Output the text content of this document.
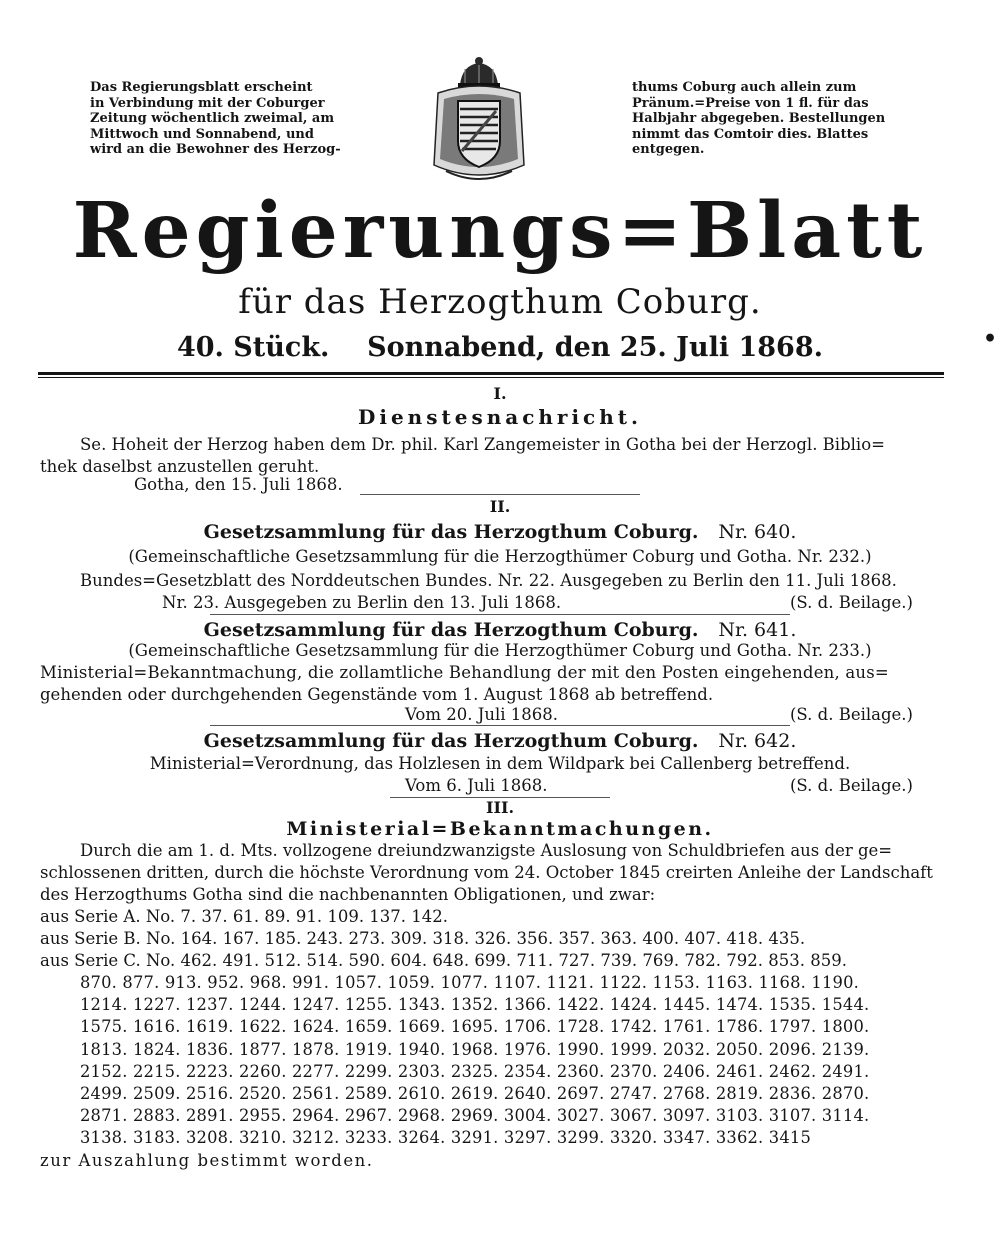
Das Regierungsblatt erscheint
in Verbindung mit der Coburger
Zeitung wöchentlich zweimal, am
Mittwoch und Sonnabend, und
wird an die Bewohner des Herzog-
thums Coburg auch allein zum
Pränum.=Preise von 1 fl. für das
Halbjahr abgegeben. Bestellungen
nimmt das Comtoir dies. Blattes
entgegen.
Regierungs=Blatt
für das Herzogthum Coburg.
40. Stück. Sonnabend, den 25. Juli 1868.	•
I.
Dienstesnachricht.
Se. Hoheit der Herzog haben dem Dr. phil. Karl Zangemeister in Gotha bei der Herzogl. Biblio=
thek daselbst anzustellen geruht.
Gotha, den 15. Juli 1868.
II.
Gesetzsammlung für das Herzogthum Coburg. Nr. 640.
(Gemeinschaftliche Gesetzsammlung für die Herzogthümer Coburg und Gotha. Nr. 232.)
Bundes=Gesetzblatt des Norddeutschen Bundes. Nr. 22. Ausgegeben zu Berlin den 11. Juli 1868.
Nr. 23. Ausgegeben zu Berlin den 13. Juli 1868.	(S. d. Beilage.)
Gesetzsammlung für das Herzogthum Coburg. Nr. 641.
(Gemeinschaftliche Gesetzsammlung für die Herzogthümer Coburg und Gotha. Nr. 233.)
Ministerial=Bekanntmachung, die zollamtliche Behandlung der mit den Posten eingehenden, aus=
gehenden oder durchgehenden Gegenstände vom 1. August 1868 ab betreffend.
Vom 20. Juli 1868.	(S. d. Beilage.)
Gesetzsammlung für das Herzogthum Coburg. Nr. 642.
Ministerial=Verordnung, das Holzlesen in dem Wildpark bei Callenberg betreffend.
Vom 6. Juli 1868.	(S. d. Beilage.)
III.
Ministerial=Bekanntmachungen.
Durch die am 1. d. Mts. vollzogene dreiundzwanzigste Auslosung von Schuldbriefen aus der ge=
schlossenen dritten, durch die höchste Verordnung vom 24. October 1845 creirten Anleihe der Landschaft
des Herzogthums Gotha sind die nachbenannten Obligationen, und zwar:
aus Serie A. No. 7. 37. 61. 89. 91. 109. 137. 142.
aus Serie B. No. 164. 167. 185. 243. 273. 309. 318. 326. 356. 357. 363. 400. 407. 418. 435.
aus Serie C. No. 462. 491. 512. 514. 590. 604. 648. 699. 711. 727. 739. 769. 782. 792. 853. 859.
870. 877. 913. 952. 968. 991. 1057. 1059. 1077. 1107. 1121. 1122. 1153. 1163. 1168. 1190.
1214. 1227. 1237. 1244. 1247. 1255. 1343. 1352. 1366. 1422. 1424. 1445. 1474. 1535. 1544.
1575. 1616. 1619. 1622. 1624. 1659. 1669. 1695. 1706. 1728. 1742. 1761. 1786. 1797. 1800.
1813. 1824. 1836. 1877. 1878. 1919. 1940. 1968. 1976. 1990. 1999. 2032. 2050. 2096. 2139.
2152. 2215. 2223. 2260. 2277. 2299. 2303. 2325. 2354. 2360. 2370. 2406. 2461. 2462. 2491.
2499. 2509. 2516. 2520. 2561. 2589. 2610. 2619. 2640. 2697. 2747. 2768. 2819. 2836. 2870.
2871. 2883. 2891. 2955. 2964. 2967. 2968. 2969. 3004. 3027. 3067. 3097. 3103. 3107. 3114.
3138. 3183. 3208. 3210. 3212. 3233. 3264. 3291. 3297. 3299. 3320. 3347. 3362. 3415
zur Auszahlung bestimmt worden.
